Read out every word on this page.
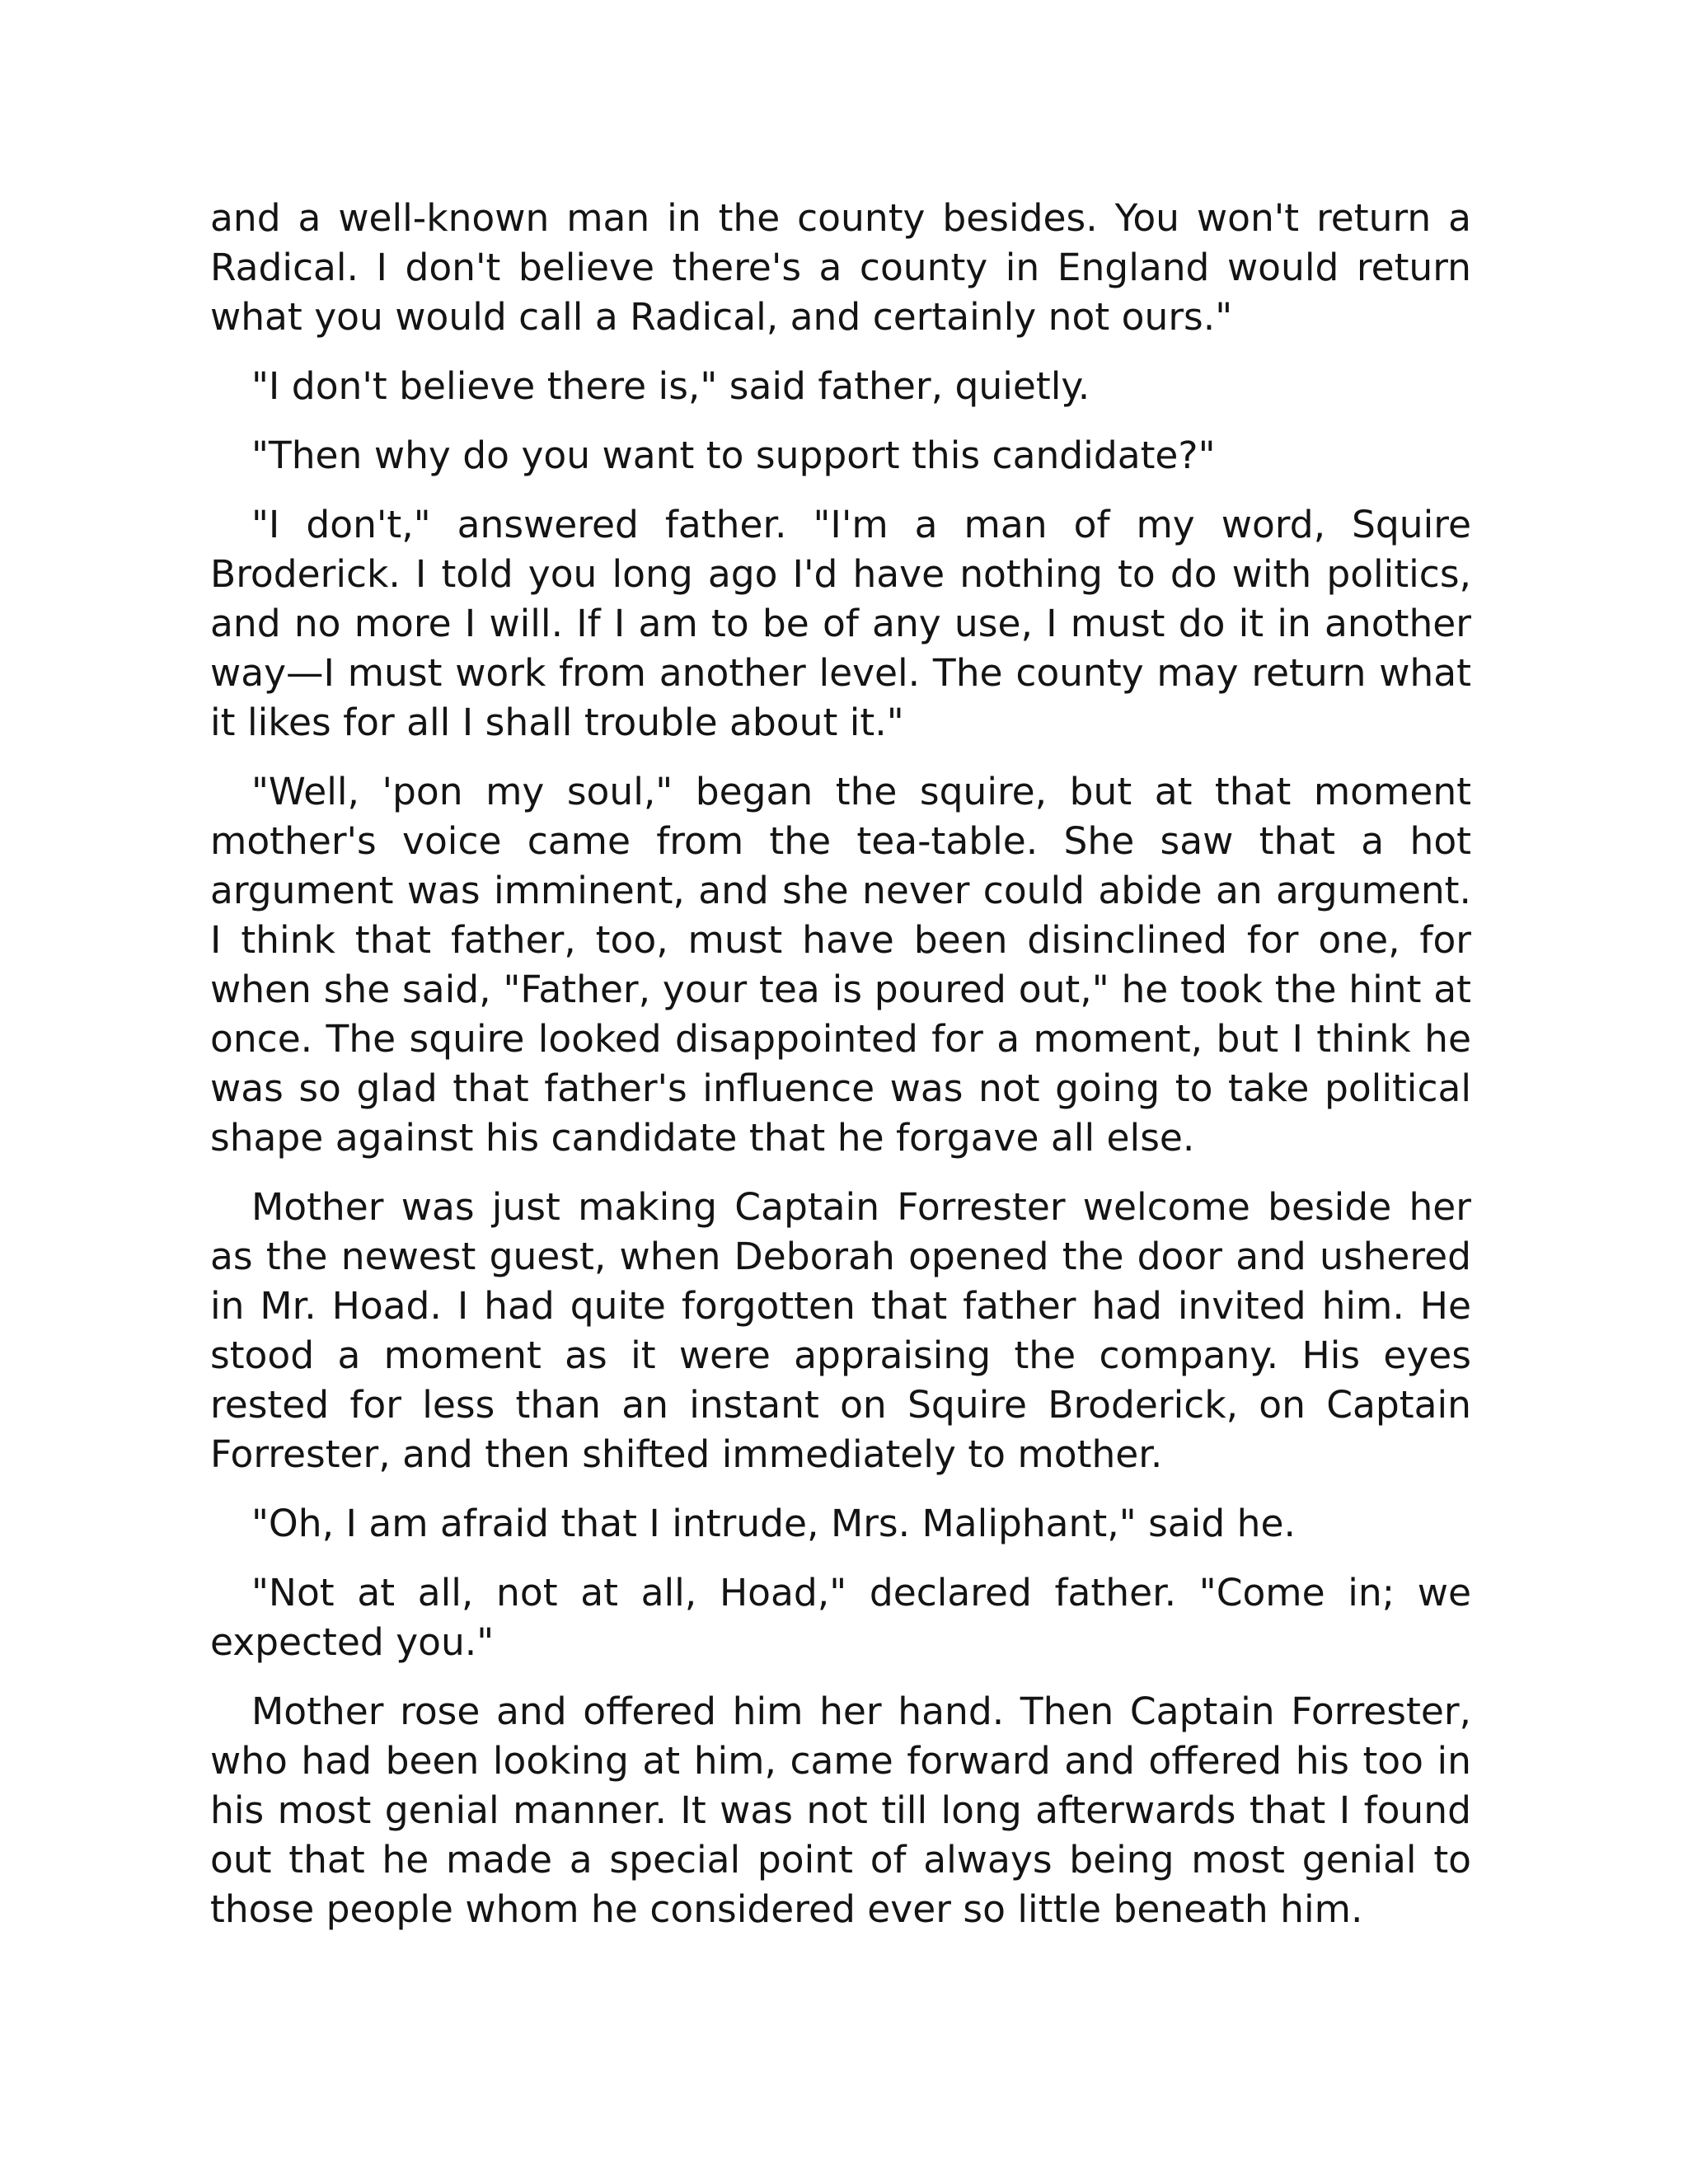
and a well-known man in the county besides. You won't return a Radical. I don't believe there's a county in England would return what you would call a Radical, and certainly not ours."

"I don't believe there is," said father, quietly.

"Then why do you want to support this candidate?"

"I don't," answered father. "I'm a man of my word, Squire Broderick. I told you long ago I'd have nothing to do with politics, and no more I will. If I am to be of any use, I must do it in another way—I must work from another level. The county may return what it likes for all I shall trouble about it."

"Well, 'pon my soul," began the squire, but at that moment mother's voice came from the tea-table. She saw that a hot argument was imminent, and she never could abide an argument. I think that father, too, must have been disinclined for one, for when she said, "Father, your tea is poured out," he took the hint at once. The squire looked disappointed for a moment, but I think he was so glad that father's influence was not going to take political shape against his candidate that he forgave all else.

Mother was just making Captain Forrester welcome beside her as the newest guest, when Deborah opened the door and ushered in Mr. Hoad. I had quite forgotten that father had invited him. He stood a moment as it were appraising the company. His eyes rested for less than an instant on Squire Broderick, on Captain Forrester, and then shifted immediately to mother.

"Oh, I am afraid that I intrude, Mrs. Maliphant," said he.

"Not at all, not at all, Hoad," declared father. "Come in; we expected you."

Mother rose and offered him her hand. Then Captain Forrester, who had been looking at him, came forward and offered his too in his most genial manner. It was not till long afterwards that I found out that he made a special point of always being most genial to those people whom he considered ever so little beneath him.
